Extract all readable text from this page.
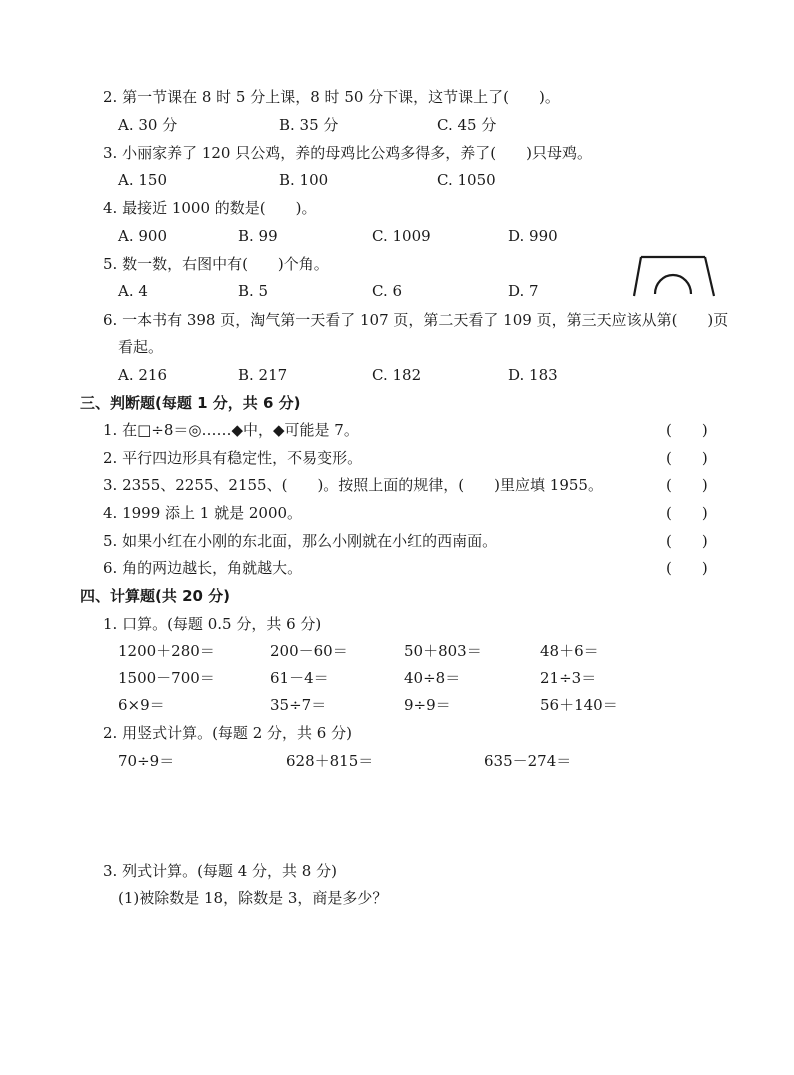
2. 第一节课在 8 时 5 分上课，8 时 50 分下课，这节课上了(　　)。
A. 30 分	B. 35 分	C. 45 分
3. 小丽家养了 120 只公鸡，养的母鸡比公鸡多得多，养了(　　)只母鸡。
A. 150	B. 100	C. 1050
4. 最接近 1000 的数是(　　)。
A. 900	B. 99	C. 1009	D. 990
5. 数一数，右图中有(　　)个角。
A. 4	B. 5	C. 6	D. 7
6. 一本书有 398 页，淘气第一天看了 107 页，第二天看了 109 页，第三天应该从第(　　)页
看起。
A. 216	B. 217	C. 182	D. 183
三、判断题(每题 1 分，共 6 分)
1. 在□÷8＝◎……◆中，◆可能是 7。	(　　)
2. 平行四边形具有稳定性，不易变形。	(　　)
3. 2355、2255、2155、(　　)。按照上面的规律，(　　)里应填 1955。	(　　)
4. 1999 添上 1 就是 2000。	(　　)
5. 如果小红在小刚的东北面，那么小刚就在小红的西南面。	(　　)
6. 角的两边越长，角就越大。	(　　)
四、计算题(共 20 分)
1. 口算。(每题 0.5 分，共 6 分)
1200＋280＝	200－60＝	50＋803＝	48＋6＝
1500－700＝	61－4＝	40÷8＝	21÷3＝
6×9＝	35÷7＝	9÷9＝	56＋140＝
2. 用竖式计算。(每题 2 分，共 6 分)
70÷9＝	628＋815＝	635－274＝
3. 列式计算。(每题 4 分，共 8 分)
(1)被除数是 18，除数是 3，商是多少？
